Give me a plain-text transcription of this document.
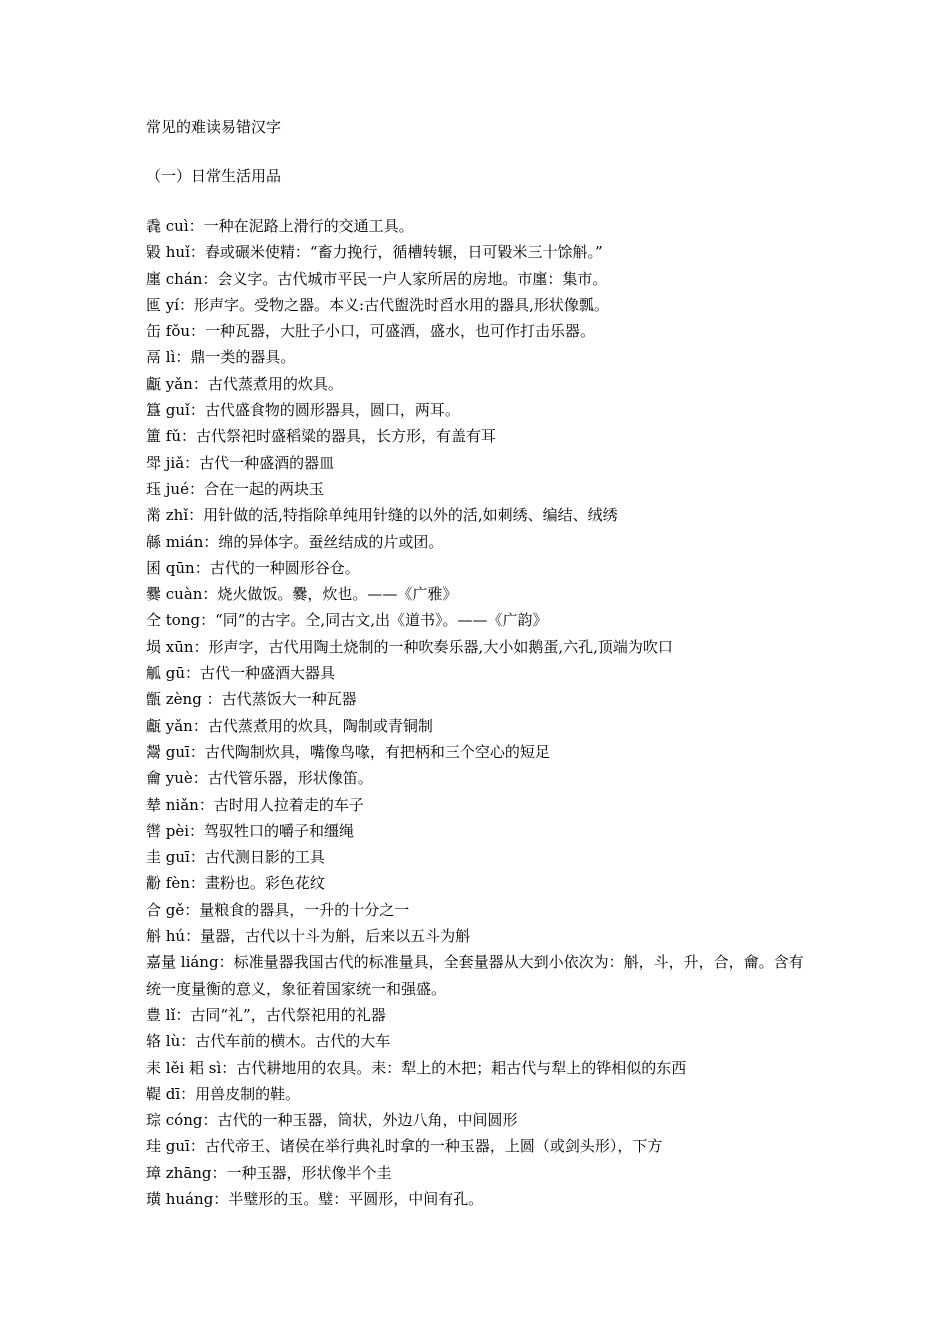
常见的难读易错汉字
（一）日常生活用品
毳 cuì：一种在泥路上滑行的交通工具。
毇 huǐ：舂或碾米使精：“畜力挽行，循槽转辗，日可毇米三十馀斛。”
廛 chán：会义字。古代城市平民一户人家所居的房地。市廛：集市。
匜 yí：形声字。受物之器。本义:古代盥洗时舀水用的器具,形状像瓢。
缶 fǒu：一种瓦器，大肚子小口，可盛酒，盛水，也可作打击乐器。
鬲 lì：鼎一类的器具。
甗 yǎn：古代蒸煮用的炊具。
簋 guǐ：古代盛食物的圆形器具，圆口，两耳。
簠 fǔ：古代祭祀时盛稻粱的器具，长方形，有盖有耳
斝 jiǎ：古代一种盛酒的器皿
珏 jué：合在一起的两块玉
黹 zhǐ：用针做的活,特指除单纯用针缝的以外的活,如刺绣、编结、绒绣
緜 mián：绵的异体字。蚕丝结成的片或团。
囷 qūn：古代的一种圆形谷仓。
爨 cuàn：烧火做饭。爨，炊也。——《广雅》
仝 tong：“同”的古字。仝,同古文,出《道书》。——《广韵》
埙 xūn：形声字，古代用陶土烧制的一种吹奏乐器,大小如鹅蛋,六孔,顶端为吹口
觚 gū：古代一种盛酒大器具
甑 zèng ：古代蒸饭大一种瓦器
甗 yǎn：古代蒸煮用的炊具，陶制或青铜制
鬶 guī：古代陶制炊具，嘴像鸟喙，有把柄和三个空心的短足
龠 yuè：古代管乐器，形状像笛。
辇 niǎn：古时用人拉着走的车子
辔 pèi：驾驭牲口的嚼子和缰绳
圭 guī：古代测日影的工具
黺 fèn：畫粉也。彩色花纹
合 gě：量粮食的器具，一升的十分之一
斛 hú：量器，古代以十斗为斛，后来以五斗为斛
嘉量 liáng：标准量器我国古代的标准量具，全套量器从大到小依次为：斛，斗，升，合，龠。含有统一度量衡的意义，象征着国家统一和强盛。
豊 lǐ：古同“礼”，古代祭祀用的礼器
辂 lù：古代车前的横木。古代的大车
耒 lěi 耜 sì：古代耕地用的农具。耒：犁上的木把；耜古代与犁上的铧相似的东西
鞮 dī：用兽皮制的鞋。
琮 cóng：古代的一种玉器，筒状，外边八角，中间圆形
珪 guī：古代帝王、诸侯在举行典礼时拿的一种玉器，上圆（或剑头形），下方
璋 zhāng：一种玉器，形状像半个圭
璜 huáng：半璧形的玉。璧：平圆形，中间有孔。
